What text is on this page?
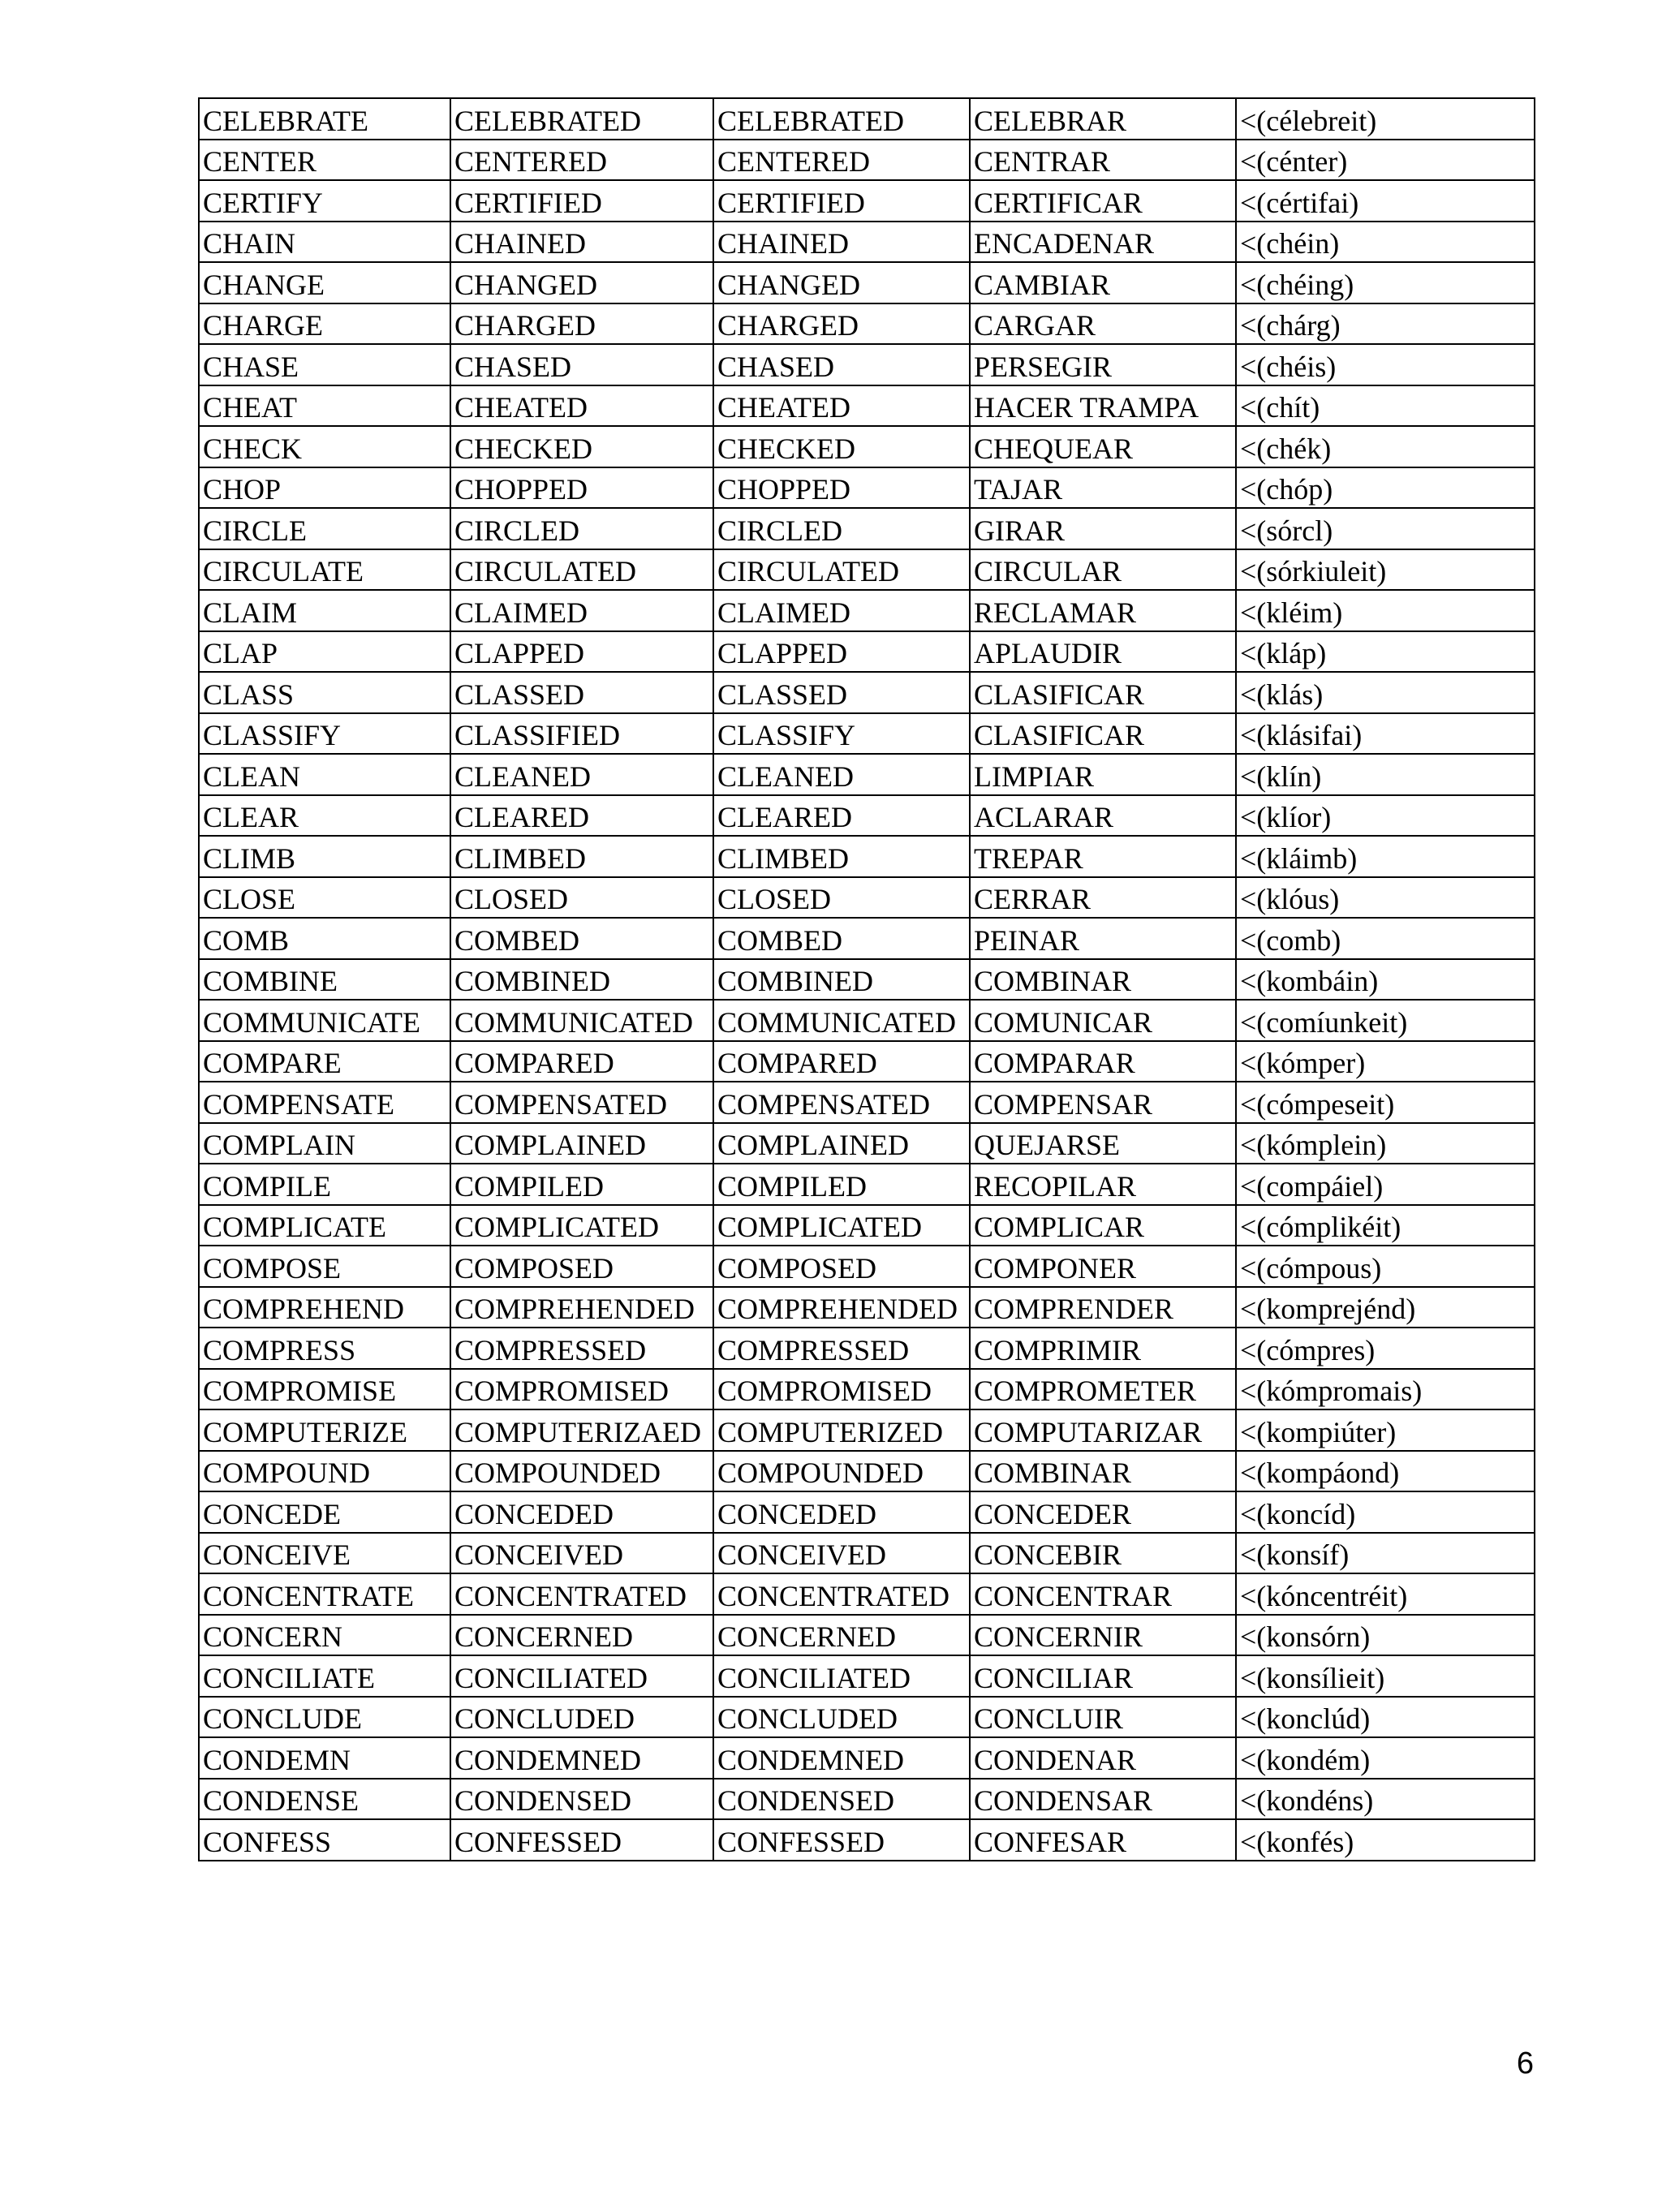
CELEBRATE	CELEBRATED	CELEBRATED	CELEBRAR	<(célebreit)
CENTER	CENTERED	CENTERED	CENTRAR	<(cénter)
CERTIFY	CERTIFIED	CERTIFIED	CERTIFICAR	<(cértifai)
CHAIN	CHAINED	CHAINED	ENCADENAR	<(chéin)
CHANGE	CHANGED	CHANGED	CAMBIAR	<(chéing)
CHARGE	CHARGED	CHARGED	CARGAR	<(chárg)
CHASE	CHASED	CHASED	PERSEGIR	<(chéis)
CHEAT	CHEATED	CHEATED	HACER TRAMPA	<(chít)
CHECK	CHECKED	CHECKED	CHEQUEAR	<(chék)
CHOP	CHOPPED	CHOPPED	TAJAR	<(chóp)
CIRCLE	CIRCLED	CIRCLED	GIRAR	<(sórcl)
CIRCULATE	CIRCULATED	CIRCULATED	CIRCULAR	<(sórkiuleit)
CLAIM	CLAIMED	CLAIMED	RECLAMAR	<(kléim)
CLAP	CLAPPED	CLAPPED	APLAUDIR	<(kláp)
CLASS	CLASSED	CLASSED	CLASIFICAR	<(klás)
CLASSIFY	CLASSIFIED	CLASSIFY	CLASIFICAR	<(klásifai)
CLEAN	CLEANED	CLEANED	LIMPIAR	<(klín)
CLEAR	CLEARED	CLEARED	ACLARAR	<(klíor)
CLIMB	CLIMBED	CLIMBED	TREPAR	<(kláimb)
CLOSE	CLOSED	CLOSED	CERRAR	<(klóus)
COMB	COMBED	COMBED	PEINAR	<(comb)
COMBINE	COMBINED	COMBINED	COMBINAR	<(kombáin)
COMMUNICATE	COMMUNICATED	COMMUNICATED	COMUNICAR	<(comíunkeit)
COMPARE	COMPARED	COMPARED	COMPARAR	<(kómper)
COMPENSATE	COMPENSATED	COMPENSATED	COMPENSAR	<(cómpeseit)
COMPLAIN	COMPLAINED	COMPLAINED	QUEJARSE	<(kómplein)
COMPILE	COMPILED	COMPILED	RECOPILAR	<(compáiel)
COMPLICATE	COMPLICATED	COMPLICATED	COMPLICAR	<(cómplikéit)
COMPOSE	COMPOSED	COMPOSED	COMPONER	<(cómpous)
COMPREHEND	COMPREHENDED	COMPREHENDED	COMPRENDER	<(komprejénd)
COMPRESS	COMPRESSED	COMPRESSED	COMPRIMIR	<(cómpres)
COMPROMISE	COMPROMISED	COMPROMISED	COMPROMETER	<(kómpromais)
COMPUTERIZE	COMPUTERIZAED	COMPUTERIZED	COMPUTARIZAR	<(kompiúter)
COMPOUND	COMPOUNDED	COMPOUNDED	COMBINAR	<(kompáond)
CONCEDE	CONCEDED	CONCEDED	CONCEDER	<(koncíd)
CONCEIVE	CONCEIVED	CONCEIVED	CONCEBIR	<(konsíf)
CONCENTRATE	CONCENTRATED	CONCENTRATED	CONCENTRAR	<(kóncentréit)
CONCERN	CONCERNED	CONCERNED	CONCERNIR	<(konsórn)
CONCILIATE	CONCILIATED	CONCILIATED	CONCILIAR	<(konsílieit)
CONCLUDE	CONCLUDED	CONCLUDED	CONCLUIR	<(konclúd)
CONDEMN	CONDEMNED	CONDEMNED	CONDENAR	<(kondém)
CONDENSE	CONDENSED	CONDENSED	CONDENSAR	<(kondéns)
CONFESS	CONFESSED	CONFESSED	CONFESAR	<(konfés)
6
